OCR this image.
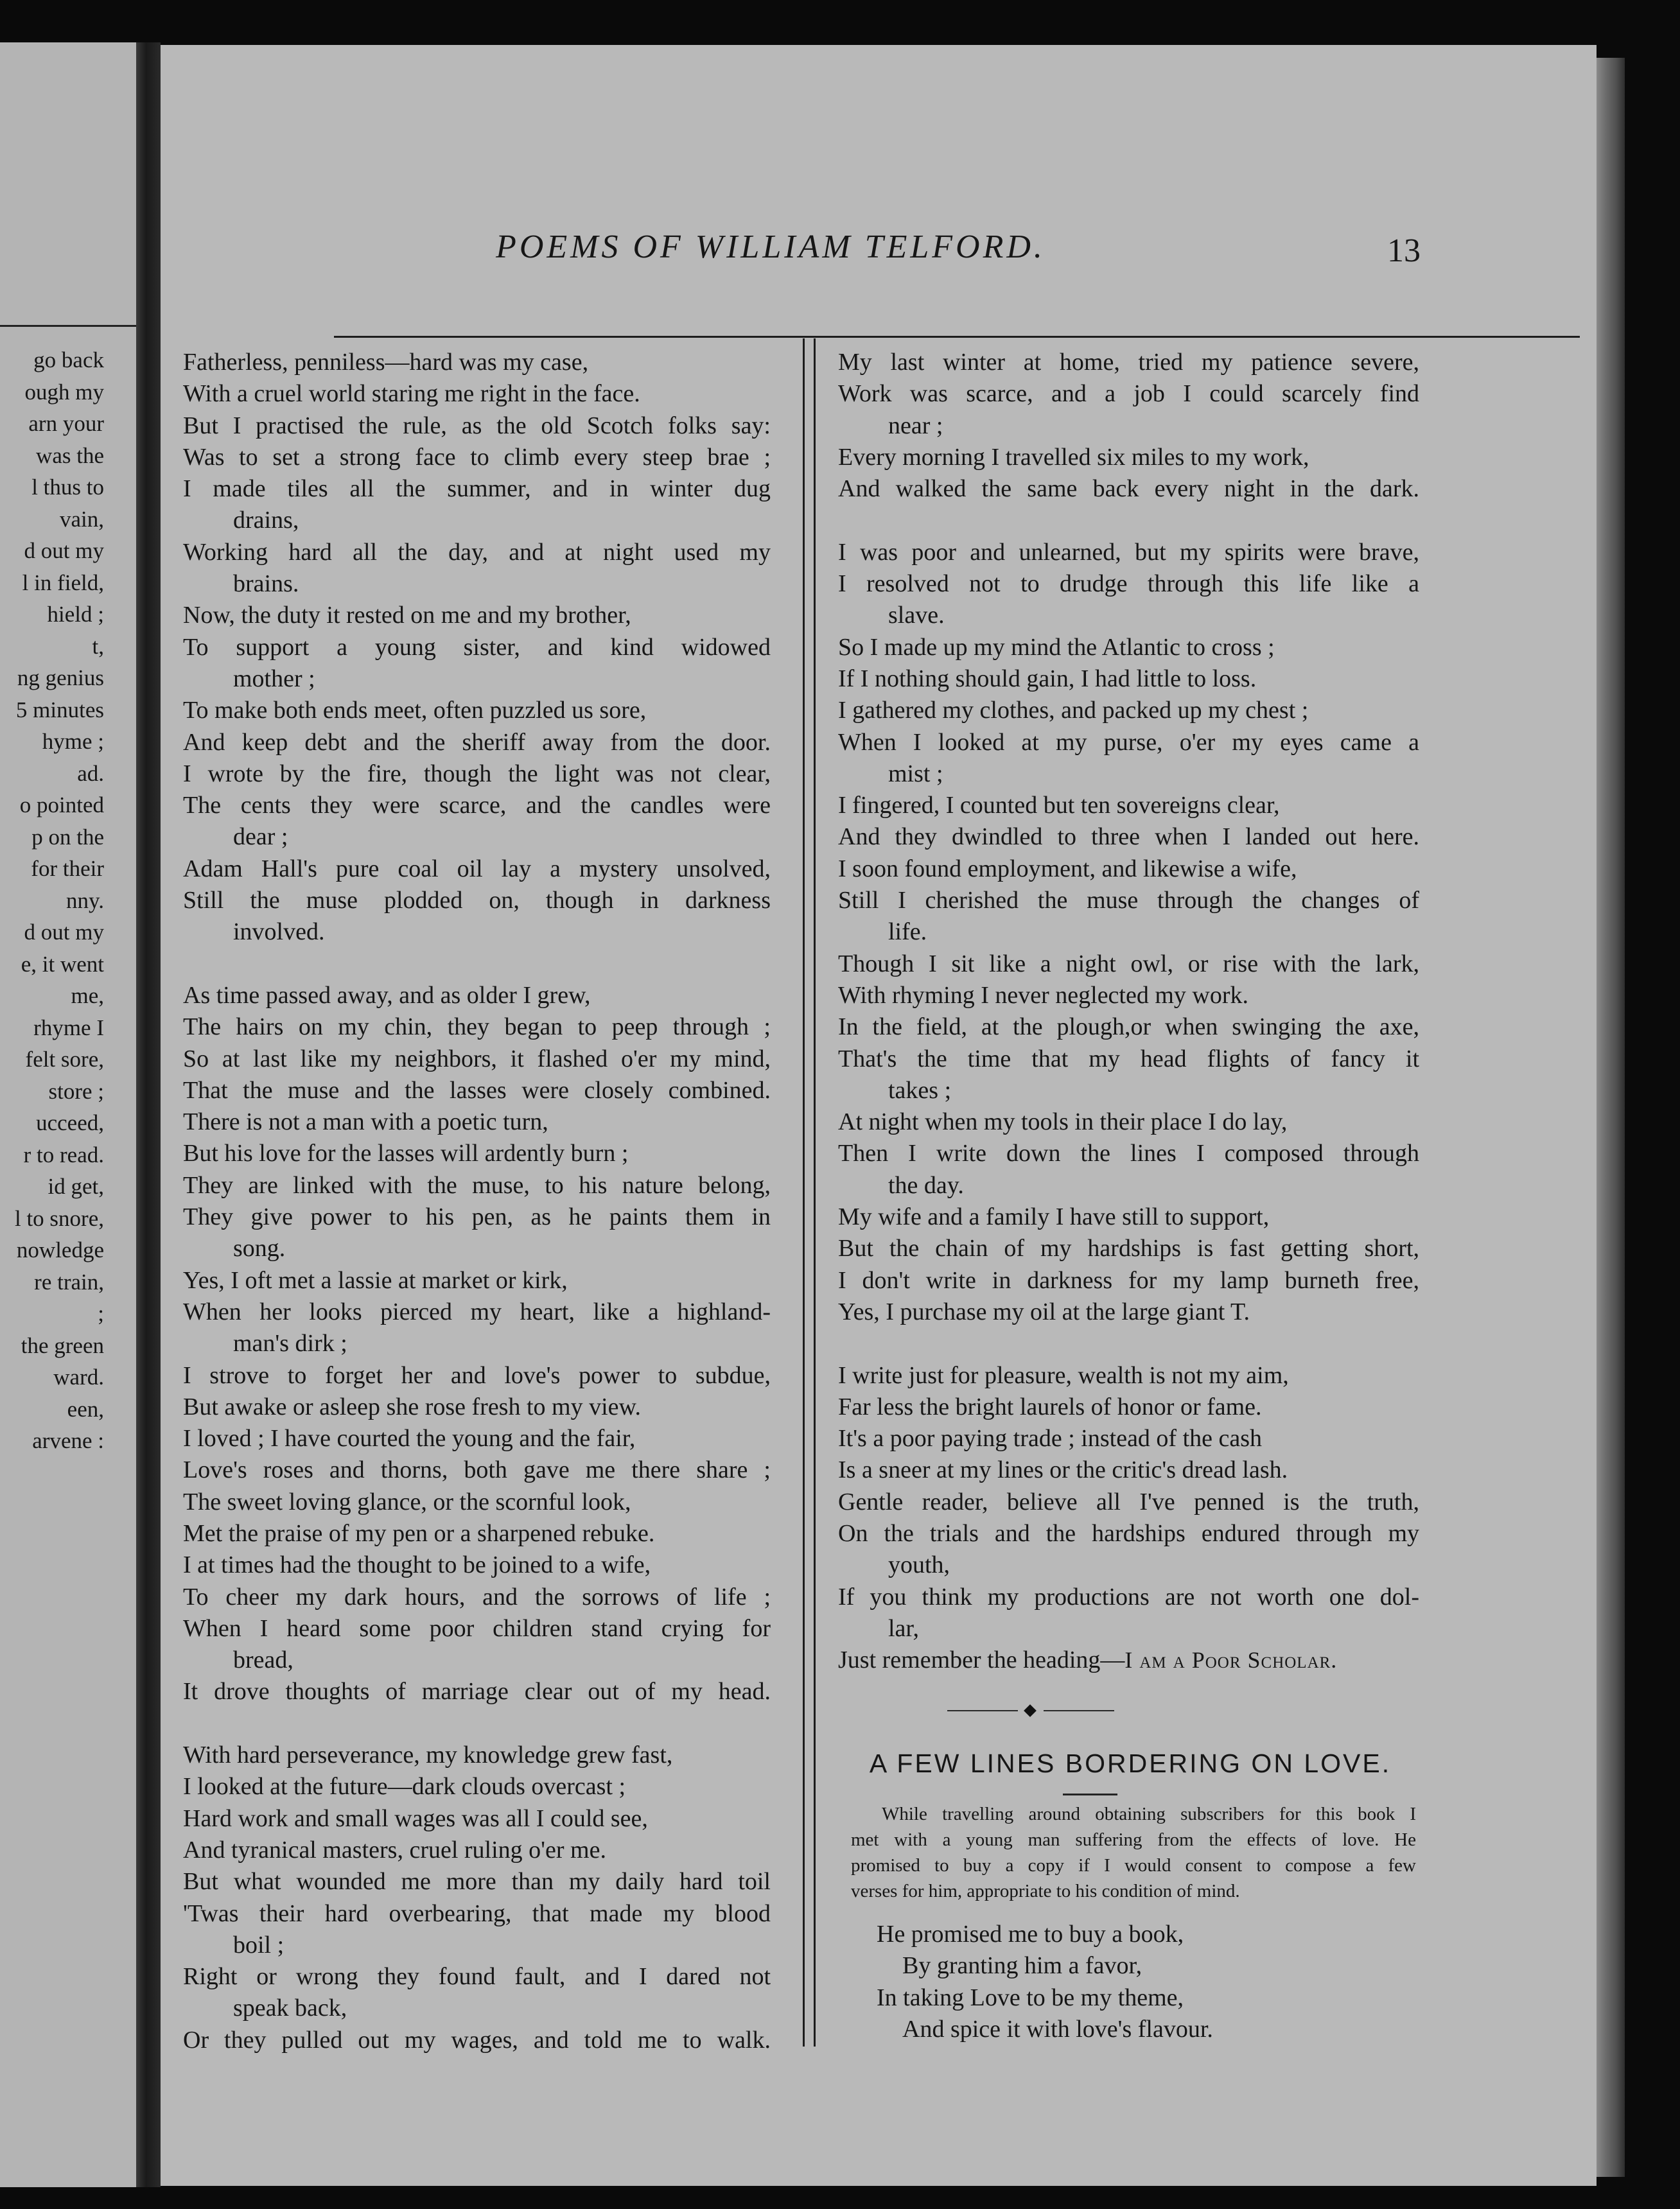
go back
ough my
arn your
was the
l thus to
vain,
d out my
l in field,
hield ;
t,
ng genius
5 minutes
hyme ;
ad.
o pointed
p on the
for their
nny.
d out my
e, it went
me,
rhyme I
felt sore,
store ;
ucceed,
r to read.
id get,
l to snore,
nowledge
re train,
;
the green
ward.
een,
arvene :
POEMS OF WILLIAM TELFORD.	13
Fatherless, penniless—hard was my case,
With a cruel world staring me right in the face.
But I practised the rule, as the old Scotch folks say:
Was to set a strong face to climb every steep brae ;
I made tiles all the summer, and in winter dug
drains,
Working hard all the day, and at night used my
brains.
Now, the duty it rested on me and my brother,
To support a young sister, and kind widowed
mother ;
To make both ends meet, often puzzled us sore,
And keep debt and the sheriff away from the door.
I wrote by the fire, though the light was not clear,
The cents they were scarce, and the candles were
dear ;
Adam Hall's pure coal oil lay a mystery unsolved,
Still the muse plodded on, though in darkness
involved.
As time passed away, and as older I grew,
The hairs on my chin, they began to peep through ;
So at last like my neighbors, it flashed o'er my mind,
That the muse and the lasses were closely combined.
There is not a man with a poetic turn,
But his love for the lasses will ardently burn ;
They are linked with the muse, to his nature belong,
They give power to his pen, as he paints them in
song.
Yes, I oft met a lassie at market or kirk,
When her looks pierced my heart, like a highland-
man's dirk ;
I strove to forget her and love's power to subdue,
But awake or asleep she rose fresh to my view.
I loved ; I have courted the young and the fair,
Love's roses and thorns, both gave me there share ;
The sweet loving glance, or the scornful look,
Met the praise of my pen or a sharpened rebuke.
I at times had the thought to be joined to a wife,
To cheer my dark hours, and the sorrows of life ;
When I heard some poor children stand crying for
bread,
It drove thoughts of marriage clear out of my head.
With hard perseverance, my knowledge grew fast,
I looked at the future—dark clouds overcast ;
Hard work and small wages was all I could see,
And tyranical masters, cruel ruling o'er me.
But what wounded me more than my daily hard toil
'Twas their hard overbearing, that made my blood
boil ;
Right or wrong they found fault, and I dared not
speak back,
Or they pulled out my wages, and told me to walk.
My last winter at home, tried my patience severe,
Work was scarce, and a job I could scarcely find
near ;
Every morning I travelled six miles to my work,
And walked the same back every night in the dark.
I was poor and unlearned, but my spirits were brave,
I resolved not to drudge through this life like a
slave.
So I made up my mind the Atlantic to cross ;
If I nothing should gain, I had little to loss.
I gathered my clothes, and packed up my chest ;
When I looked at my purse, o'er my eyes came a
mist ;
I fingered, I counted but ten sovereigns clear,
And they dwindled to three when I landed out here.
I soon found employment, and likewise a wife,
Still I cherished the muse through the changes of
life.
Though I sit like a night owl, or rise with the lark,
With rhyming I never neglected my work.
In the field, at the plough,or when swinging the axe,
That's the time that my head flights of fancy it
takes ;
At night when my tools in their place I do lay,
Then I write down the lines I composed through
the day.
My wife and a family I have still to support,
But the chain of my hardships is fast getting short,
I don't write in darkness for my lamp burneth free,
Yes, I purchase my oil at the large giant T.
I write just for pleasure, wealth is not my aim,
Far less the bright laurels of honor or fame.
It's a poor paying trade ; instead of the cash
Is a sneer at my lines or the critic's dread lash.
Gentle reader, believe all I've penned is the truth,
On the trials and the hardships endured through my
youth,
If you think my productions are not worth one dol-
lar,
Just remember the heading—I am a Poor Scholar.
A FEW LINES BORDERING ON LOVE.
While travelling around obtaining subscribers for this book I
met with a young man suffering from the effects of love. He
promised to buy a copy if I would consent to compose a few
verses for him, appropriate to his condition of mind.
He promised me to buy a book,
By granting him a favor,
In taking Love to be my theme,
And spice it with love's flavour.
